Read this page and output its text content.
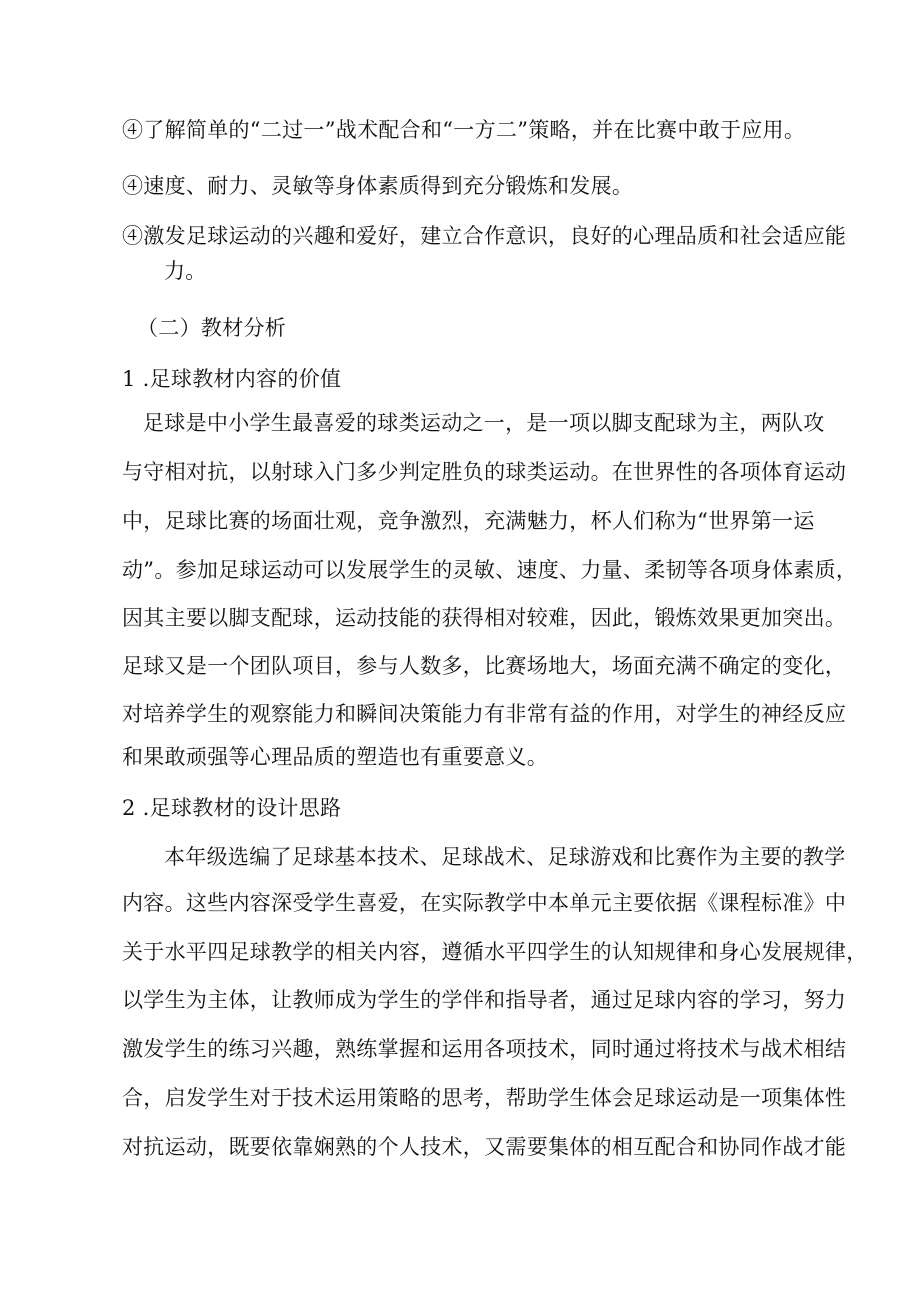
④了解简单的“二过一”战术配合和“一方二”策略，并在比赛中敢于应用。
④速度、耐力、灵敏等身体素质得到充分锻炼和发展。
④激发足球运动的兴趣和爱好，建立合作意识，良好的心理品质和社会适应能
力。
（二）教材分析
1 .足球教材内容的价值
足球是中小学生最喜爱的球类运动之一，是一项以脚支配球为主，两队攻
与守相对抗，以射球入门多少判定胜负的球类运动。在世界性的各项体育运动
中，足球比赛的场面壮观，竞争激烈，充满魅力，杯人们称为“世界第一运
动”。参加足球运动可以发展学生的灵敏、速度、力量、柔韧等各项身体素质，
因其主要以脚支配球，运动技能的获得相对较难，因此，锻炼效果更加突出。
足球又是一个团队项目，参与人数多，比赛场地大，场面充满不确定的变化，
对培养学生的观察能力和瞬间决策能力有非常有益的作用，对学生的神经反应
和果敢顽强等心理品质的塑造也有重要意义。
2 .足球教材的设计思路
本年级选编了足球基本技术、足球战术、足球游戏和比赛作为主要的教学
内容。这些内容深受学生喜爱，在实际教学中本单元主要依据《课程标准》中
关于水平四足球教学的相关内容，遵循水平四学生的认知规律和身心发展规律，
以学生为主体，让教师成为学生的学伴和指导者，通过足球内容的学习，努力
激发学生的练习兴趣，熟练掌握和运用各项技术，同时通过将技术与战术相结
合，启发学生对于技术运用策略的思考，帮助学生体会足球运动是一项集体性
对抗运动，既要依靠娴熟的个人技术，又需要集体的相互配合和协同作战才能
